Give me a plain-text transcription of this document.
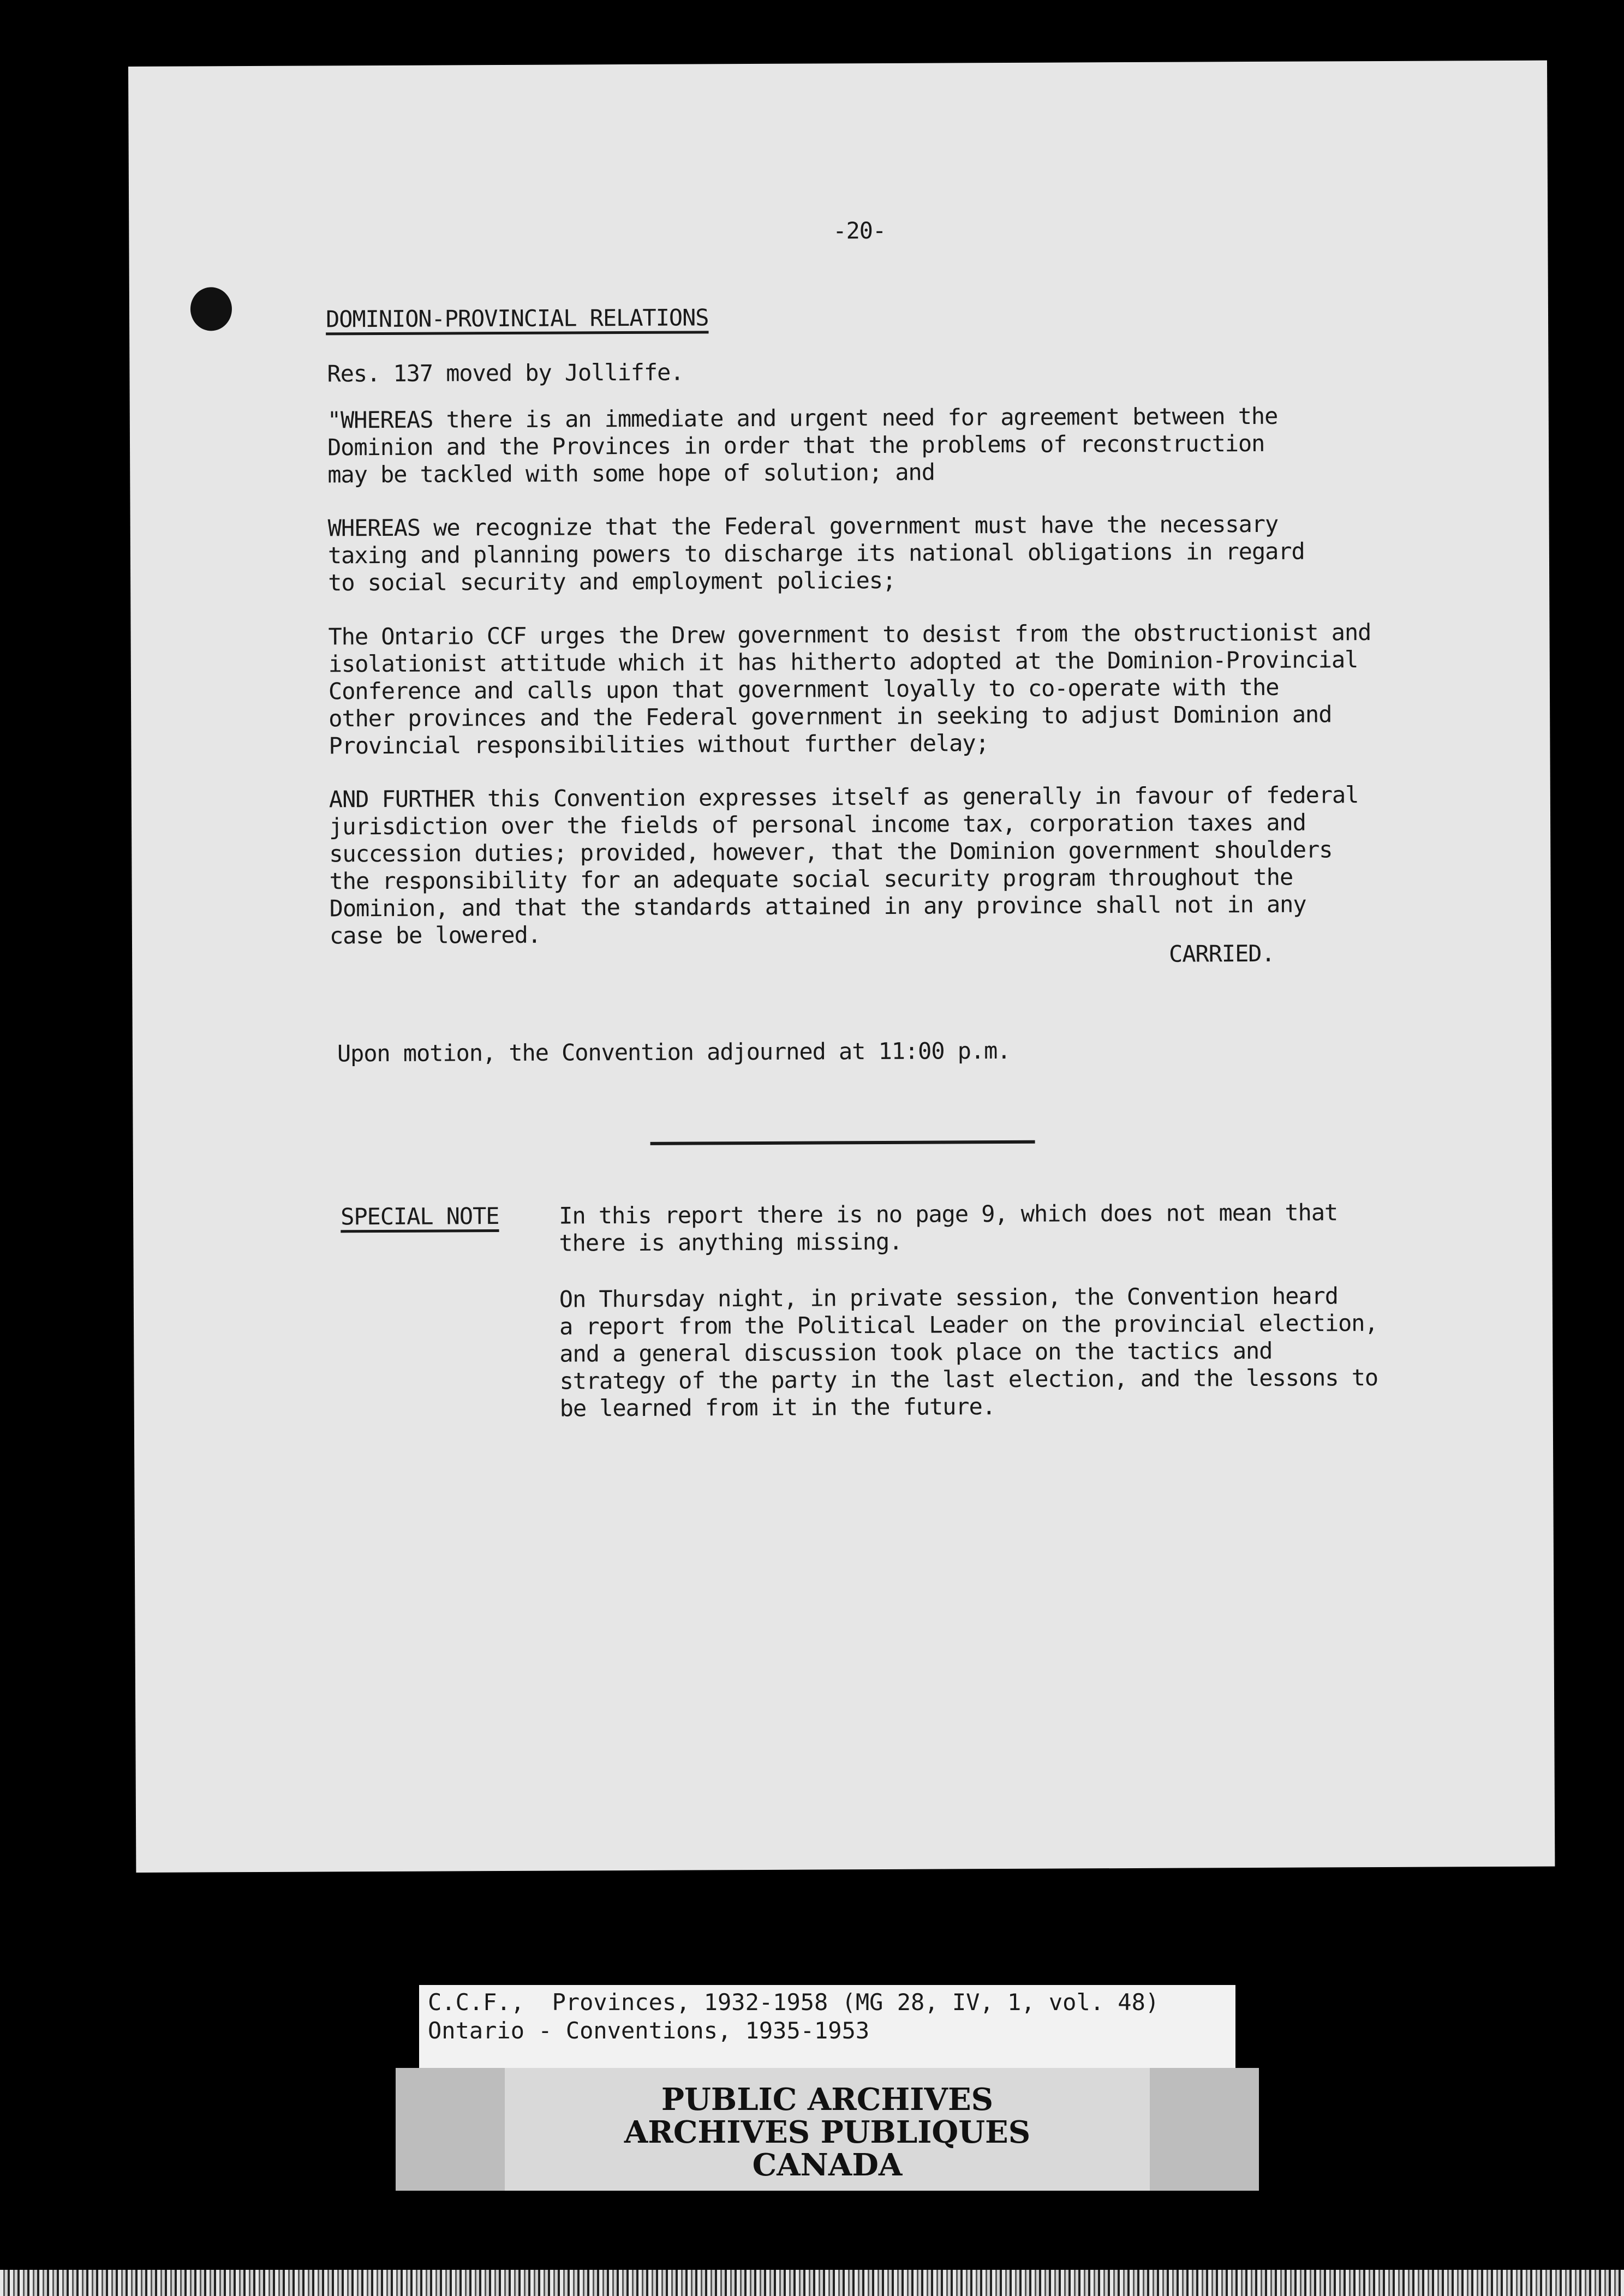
-20-
DOMINION-PROVINCIAL RELATIONS
Res. 137 moved by Jolliffe.
"WHEREAS there is an immediate and urgent need for agreement between the
Dominion and the Provinces in order that the problems of reconstruction
may be tackled with some hope of solution; and
WHEREAS we recognize that the Federal government must have the necessary
taxing and planning powers to discharge its national obligations in regard
to social security and employment policies;
The Ontario CCF urges the Drew government to desist from the obstructionist and
isolationist attitude which it has hitherto adopted at the Dominion-Provincial
Conference and calls upon that government loyally to co-operate with the
other provinces and the Federal government in seeking to adjust Dominion and
Provincial responsibilities without further delay;
AND FURTHER this Convention expresses itself as generally in favour of federal
jurisdiction over the fields of personal income tax, corporation taxes and
succession duties; provided, however, that the Dominion government shoulders
the responsibility for an adequate social security program throughout the
Dominion, and that the standards attained in any province shall not in any
case be lowered.
CARRIED.
Upon motion, the Convention adjourned at 11:00 p.m.
SPECIAL NOTE	In this report there is no page 9, which does not mean that
there is anything missing.
On Thursday night, in private session, the Convention heard
a report from the Political Leader on the provincial election,
and a general discussion took place on the tactics and
strategy of the party in the last election, and the lessons to
be learned from it in the future.

C.C.F.,  Provinces, 1932-1958 (MG 28, IV, 1, vol. 48)

Ontario - Conventions, 1935-1953

PUBLIC ARCHIVES
ARCHIVES PUBLIQUES
CANADA
